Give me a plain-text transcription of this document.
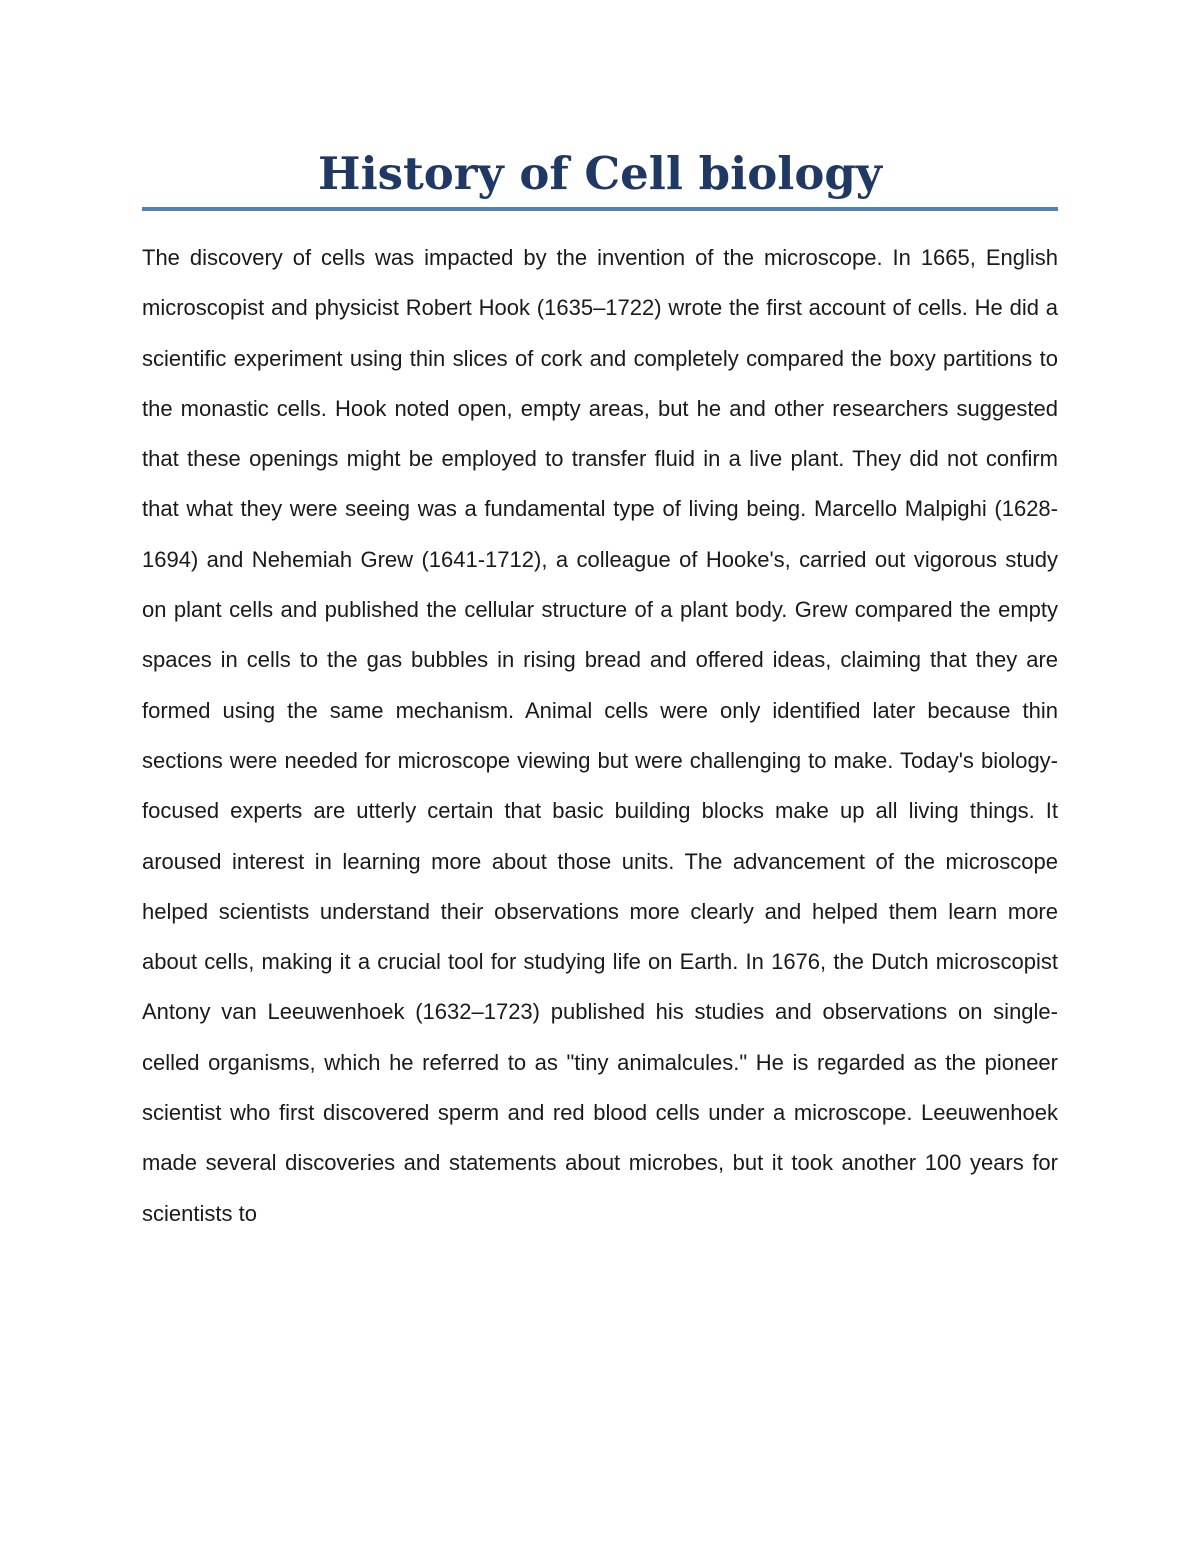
History of Cell biology

The discovery of cells was impacted by the invention of the microscope. In 1665, English microscopist and physicist Robert Hook (1635–1722) wrote the first account of cells. He did a scientific experiment using thin slices of cork and completely compared the boxy partitions to the monastic cells. Hook noted open, empty areas, but he and other researchers suggested that these openings might be employed to transfer fluid in a live plant. They did not confirm that what they were seeing was a fundamental type of living being. Marcello Malpighi (1628-1694) and Nehemiah Grew (1641-1712), a colleague of Hooke's, carried out vigorous study on plant cells and published the cellular structure of a plant body. Grew compared the empty spaces in cells to the gas bubbles in rising bread and offered ideas, claiming that they are formed using the same mechanism. Animal cells were only identified later because thin sections were needed for microscope viewing but were challenging to make. Today's biology-focused experts are utterly certain that basic building blocks make up all living things. It aroused interest in learning more about those units. The advancement of the microscope helped scientists understand their observations more clearly and helped them learn more about cells, making it a crucial tool for studying life on Earth. In 1676, the Dutch microscopist Antony van Leeuwenhoek (1632–1723) published his studies and observations on single-celled organisms, which he referred to as "tiny animalcules." He is regarded as the pioneer scientist who first discovered sperm and red blood cells under a microscope. Leeuwenhoek made several discoveries and statements about microbes, but it took another 100 years for scientists to
